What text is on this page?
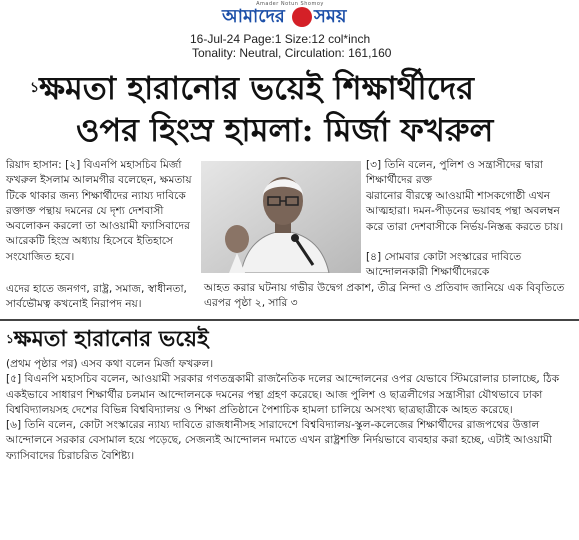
Amader Notun Shomoy
আমাদের সময়
16-Jul-24 Page:1 Size:12 col*inch
Tonality: Neutral, Circulation: 161,160
$^১$ক্ষমতা হারানোর ভয়েই শিক্ষার্থীদের
ওপর হিংস্র হামলা: মির্জা ফখরুল
রিয়াদ হাসান: [২] বিএনপি মহাসচিব মির্জা ফখরুল ইসলাম আলমগীর বলেছেন, ক্ষমতায় টিকে থাকার জন্য শিক্ষার্থীদের ন্যায্য দাবিকে রক্তাক্ত পন্থায় দমনের যে দৃশ্য দেশবাসী অবলোকন করলো তা আওয়ামী ফ্যাসিবাদের আরেকটি হিংস্র অধ্যায় হিসেবে ইতিহাসে সংযোজিত হবে।
এদের হাতে জনগণ, রাষ্ট্র, সমাজ, স্বাধীনতা, সার্বভৌমত্ব কখনোই নিরাপদ নয়।
[৩] তিনি বলেন, পুলিশ ও সন্ত্রাসীদের দ্বারা শিক্ষার্থীদের রক্ত
ঝরানোর বীরত্বে আওয়ামী শাসকগোষ্ঠী এখন আত্মহারা। দমন-পীড়নের ভয়াবহ পন্থা অবলম্বন করে তারা দেশবাসীকে নির্ভয়-নিস্তব্ধ করতে চায়।
[৪] সোমবার কোটা সংস্কারের দাবিতে আন্দোলনকারী শিক্ষার্থীদেরকে
আহত করার ঘটনায় গভীর উদ্বেগ প্রকাশ, তীব্র নিন্দা ও প্রতিবাদ জানিয়ে এক বিবৃতিতে এরপর পৃষ্ঠা ২, সারি ৩
$^১$ক্ষমতা হারানোর ভয়েই

(প্রথম পৃষ্ঠার পর) এসব কথা বলেন মির্জা ফখরুল।

[৫] বিএনপি মহাসচিব বলেন, আওয়ামী সরকার গণতন্ত্রকামী রাজনৈতিক দলের আন্দোলনের ওপর যেভাবে স্টিমরোলার চালাচ্ছে, ঠিক একইভাবে সাধারণ শিক্ষার্থীর চলমান আন্দোলনকে দমনের পন্থা গ্রহণ করেছে। আজ পুলিশ ও ছাত্রলীগের সন্ত্রাসীরা যৌথভাবে ঢাকা বিশ্ববিদ্যালয়সহ দেশের বিভিন্ন বিশ্ববিদ্যালয় ও শিক্ষা প্রতিষ্ঠানে পৈশাচিক হামলা চালিয়ে অসংখ্য ছাত্রছাত্রীকে আহত করেছে।

[৬] তিনি বলেন, কোটা সংস্কারের ন্যায্য দাবিতে রাজধানীসহ সারাদেশে বিশ্ববিদ্যালয়-স্কুল-কলেজের শিক্ষার্থীদের রাজপথের উত্তাল আন্দোলনে সরকার বেসামাল হয়ে পড়েছে, সেজন্যই আন্দোলন দমাতে এখন রাষ্ট্রশক্তি নির্দয়ভাবে ব্যবহার করা হচ্ছে, এটাই আওয়ামী ফ্যাসিবাদের চিরাচরিত বৈশিষ্ট্য।
